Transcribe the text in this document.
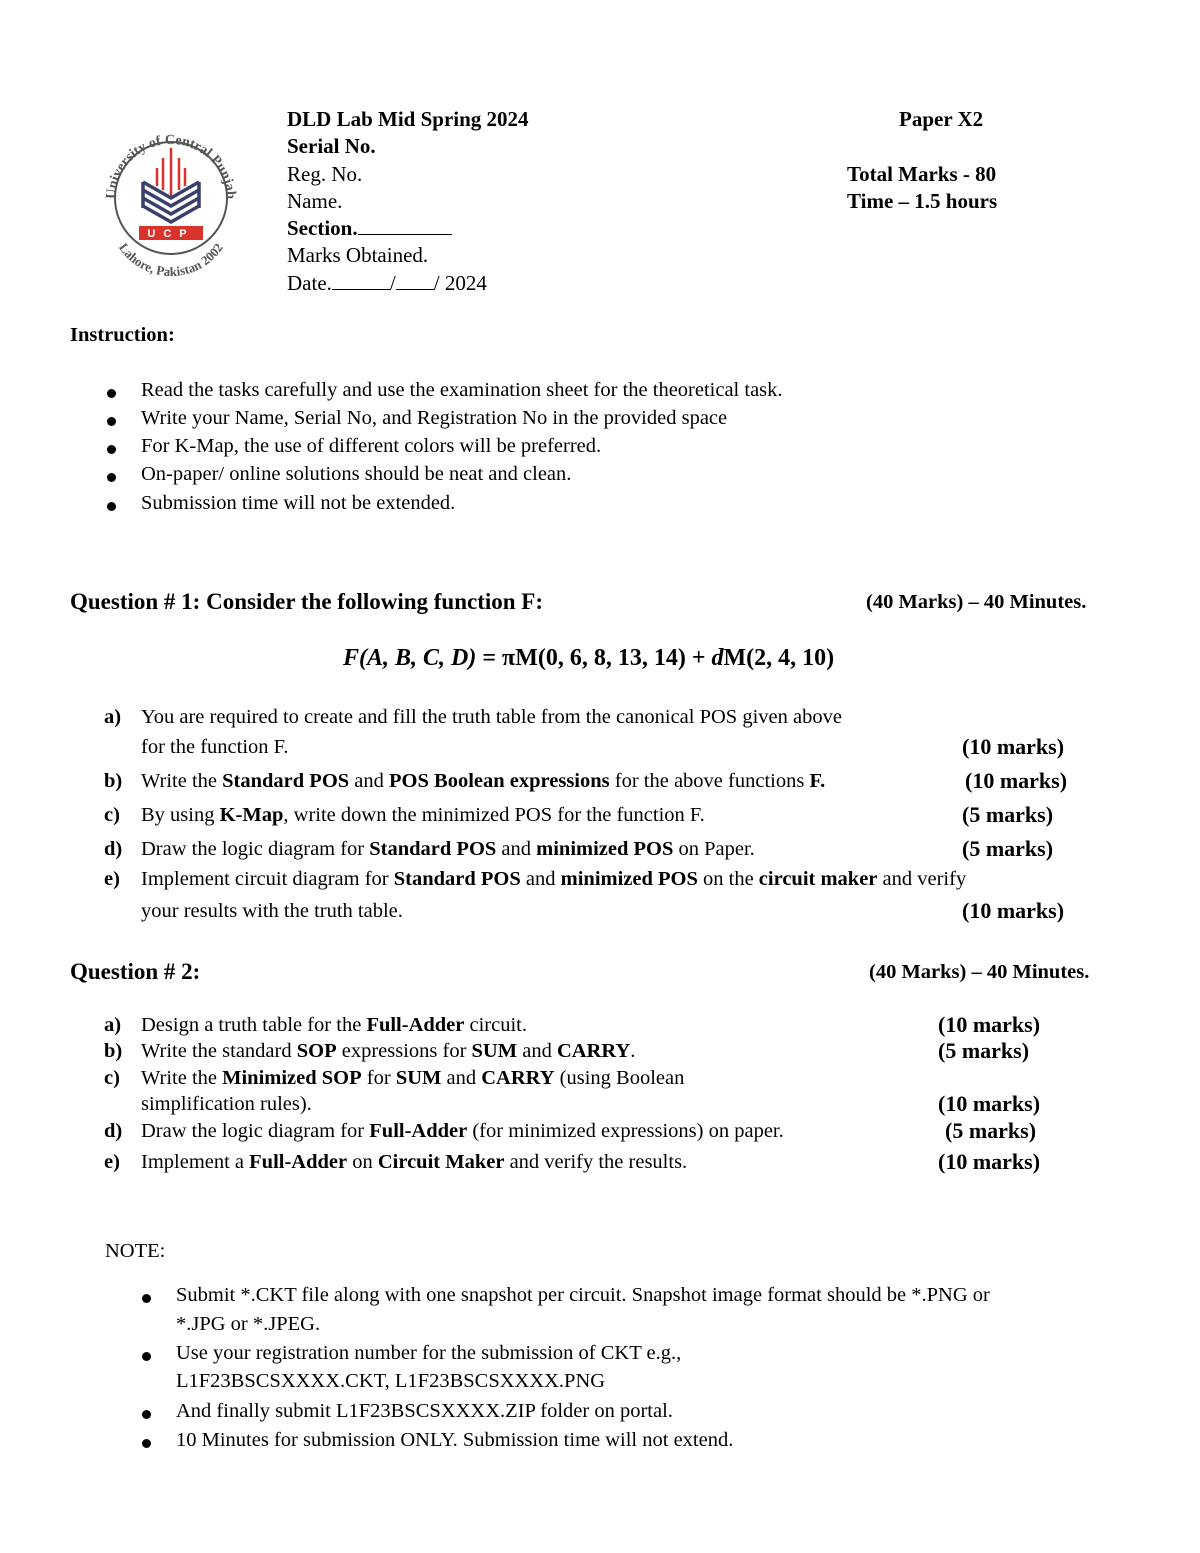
University of Central Punjab
Lahore, Pakistan 2002
UCP
DLD Lab Mid Spring 2024
Serial No.
Reg. No.
Name.
Section.
Marks Obtained.
Date.	/ / 2024
Paper X2
Total Marks - 80
Time – 1.5 hours
Instruction:
Read the tasks carefully and use the examination sheet for the theoretical task.
Write your Name, Serial No, and Registration No in the provided space
For K-Map, the use of different colors will be preferred.
On-paper/ online solutions should be neat and clean.
Submission time will not be extended.
Question # 1: Consider the following function F:	(40 Marks) – 40 Minutes.
F(A, B, C, D) = πM(0, 6, 8, 13, 14) + dM(2, 4, 10)
a) You are required to create and fill the truth table from the canonical POS given above
for the function F.	(10 marks)
b) Write the Standard POS and POS Boolean expressions for the above functions F.	(10 marks)
c) By using K-Map, write down the minimized POS for the function F.	(5 marks)
d) Draw the logic diagram for Standard POS and minimized POS on Paper.	(5 marks)
e) Implement circuit diagram for Standard POS and minimized POS on the circuit maker and verify
your results with the truth table.	(10 marks)
Question # 2:	(40 Marks) – 40 Minutes.
a) Design a truth table for the Full-Adder circuit.	(10 marks)
b) Write the standard SOP expressions for SUM and CARRY.	(5 marks)
c) Write the Minimized SOP for SUM and CARRY (using Boolean
simplification rules).	(10 marks)
d) Draw the logic diagram for Full-Adder (for minimized expressions) on paper.	(5 marks)
e) Implement a Full-Adder on Circuit Maker and verify the results.	(10 marks)
NOTE:
Submit *.CKT file along with one snapshot per circuit. Snapshot image format should be *.PNG or
*.JPG or *.JPEG.
Use your registration number for the submission of CKT e.g.,
L1F23BSCSXXXX.CKT, L1F23BSCSXXXX.PNG
And finally submit L1F23BSCSXXXX.ZIP folder on portal.
10 Minutes for submission ONLY. Submission time will not extend.
